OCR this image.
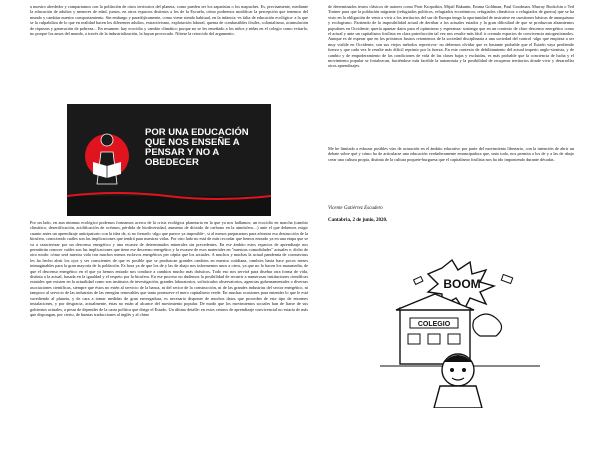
a nuestro alrededor y compartamos con la población de otros territorios del planeta, como pueden ser los zapatistas o los mapuches. Es, precisamente, mediante la educación de adultos y menores de edad, juntos, en otros espacios distintos a los de la Escuela, cómo podremos modificar la percepción que tenemos del mundo y cambiar nuestro comportamiento. Sin embargo y paradójicamente, como viene siendo habitual, en la infancia -es falta de educación ecológica- a la que se la culpabiliza de lo que en realidad hacen los diferentes adultos, extractivismo, explotación laboral, quema de combustibles fósiles, colonialismo, acumulación de riquezas y generación de pobreza... En resumen: hay ecocidio y cambio climático porque no se les enseñado a los niños y niñas en el colegio como evitarlo, no porque los amos del mundo, a través de la industrialización, la hayan provocado. Nótese la retorcido del argumento.

POR UNA EDUCACIÓN QUE NOS ENSEÑE A PENSAR Y NO A OBEDECER

Por un lado, en aun ninnnus ecológico podemos formamos acerca de la crisis ecológica planetaria en la que ya nos hallamos; un ecocidio en marcha (cambio climático, desertificación, acidificación de océanos, pérdida de biodiversidad, aumento de dióxido de carbono en la atmósfera…) ante el que debemos exigir cuanto antes un aprendizaje anticipatorio con la idea de, si no frenarlo -algo que parece ya imposible-, si al menos prepararnos para afrontar esa destrucción de la biosfera, conociendo cuáles son las implicaciones que tendrá para nuestras vidas. Por otro lado no está de más recordar que hemos entrado ya en una etapa que se va a caracterizar por un descenso energético y una escasez de determinados minerales sin precedentes. En ese ámbito estos espacios de aprendizaje nos permitirán conocer cuáles son las implicaciones que tiene ese descenso energético y la escasez de esos materiales en "nuestras comodidades" actuales e, dicho de otro modo: cómo será nuestra vida con muchos menos esclavos energéticos per cápita que los actuales. A muchos y muchas la actual pandemia de coronavirus les ha hecho abrir los ojos y ser conscientes de que es posible que se produzcan grandes cambios en nuestra cotidiana, cambios hasta hace pocos meses inimaginables para la gran mayoría de la población. Es hora ya de que los de y las de abajo nos informemos unos a otros, ya que no lo hacen los massmedia, de que el descenso energético en el que ya hemos entrado nos conduce a cambios mucho más drásticos. Todo eso nos servirá para diseñar otra forma de vida, distinta a la actual, basada en la igualdad y el respeto por la biosfera. En ese proceso no dudemos la posibilidad de recurrir a numerosas instituciones científicas estatales que existen en la actualidad como son institutos de investigación, grandes laboratorios, sofisticados observatorios, agencias gubernamentales o diversas asociaciones científicas, siempre que éstos no estén al servicio de la banca, ni del sector de la construcción, ni de las grandes industrias del sector energético, ni tampoco al servicio de las industrias de las energías renovables que tanto promueve el mero capitalismo verde. En muchas ocasiones para entender lo que le está sucediendo al planeta, y de cara a tomar medidas de gran envergadura, es necesario disponer de muchos datos que proceden de este tipo de enormes instalaciones, y por desgracia, actualmente, éstas no están al alcance del movimiento popular. De modo que los movimientos sociales han de fiarse de sus gobiernos actuales, a pesar de depender de la casta política que dirige el Estado. Un último detalle: en estos centros de aprendizaje convivencial no estaría de más que dispongan, por cierto, de buenas traducciones al inglés y al chino

de determinados textos clásicos de autores como Piotr Kropotkin, Mijail Bakunin, Emma Goldman, Paul Goodman, Murray Bookchin o Ted Trainer para que la población migrante (refugiados políticos, refugiados económicos, refugiados climáticos o refugiados de guerra) que se ha visto en la obligación de venir a vivir a los territorios del sur de Europa tenga la oportunidad de instruirse en cuestiones básicas de anarquismo y ecologismo. Partiendo de la imposibilidad actual de derribar a los actuales estados y la gran dificultad de que se produzcan alzamientos populares en Occidente, quería apuntar datos para el optimismo y esperanza: sostengo que en un contexto de claro descenso energético como el actual y ante un capitalismo fosilista en clara putrefacción tal vez nos resulte más fácil ir creando espacios de convivencia autogestionados. Aunque es de esperar que en los próximos lustros retomemos de la sociedad disciplinaria a una sociedad del control -algo que empieza a ser muy visible en Occidente, son sus viejos métodos represivos- no debemos olvidar que es bastante probable que el Estado vaya perdiendo fuerza y que cada vez le resulte más difícil reprimir por la fuerza. En este contexto de debilitamiento del actual imperio anglo-sionista, y de cambio y de empoderamiento de las condiciones de vida de las clases bajas y excluidas, es más probable que la conciencia de lucha y el movimiento popular se fortalezcan, haciéndose más factible la autonomía y la posibilidad de recuperar territorios donde vivir y desarrollar otros aprendizajes.

Me he limitado a esbozar posibles vías de actuación en el ámbito educativo por parte del movimiento libertario, con la intención de abrir un debate sobre qué y cómo ha de articularse una educación verdaderamente emancipadora que, unto todo, nos permita a los de y a las de abajo crear una cultura propia, distinta de la cultura poquete-burguesa que el capitalismo fosilista nos ha ido imponiendo durante décadas.

Vicente Gutiérrez Escudero
Cantabria, 2 de junio, 2020.
BOOM
COLEGIO
